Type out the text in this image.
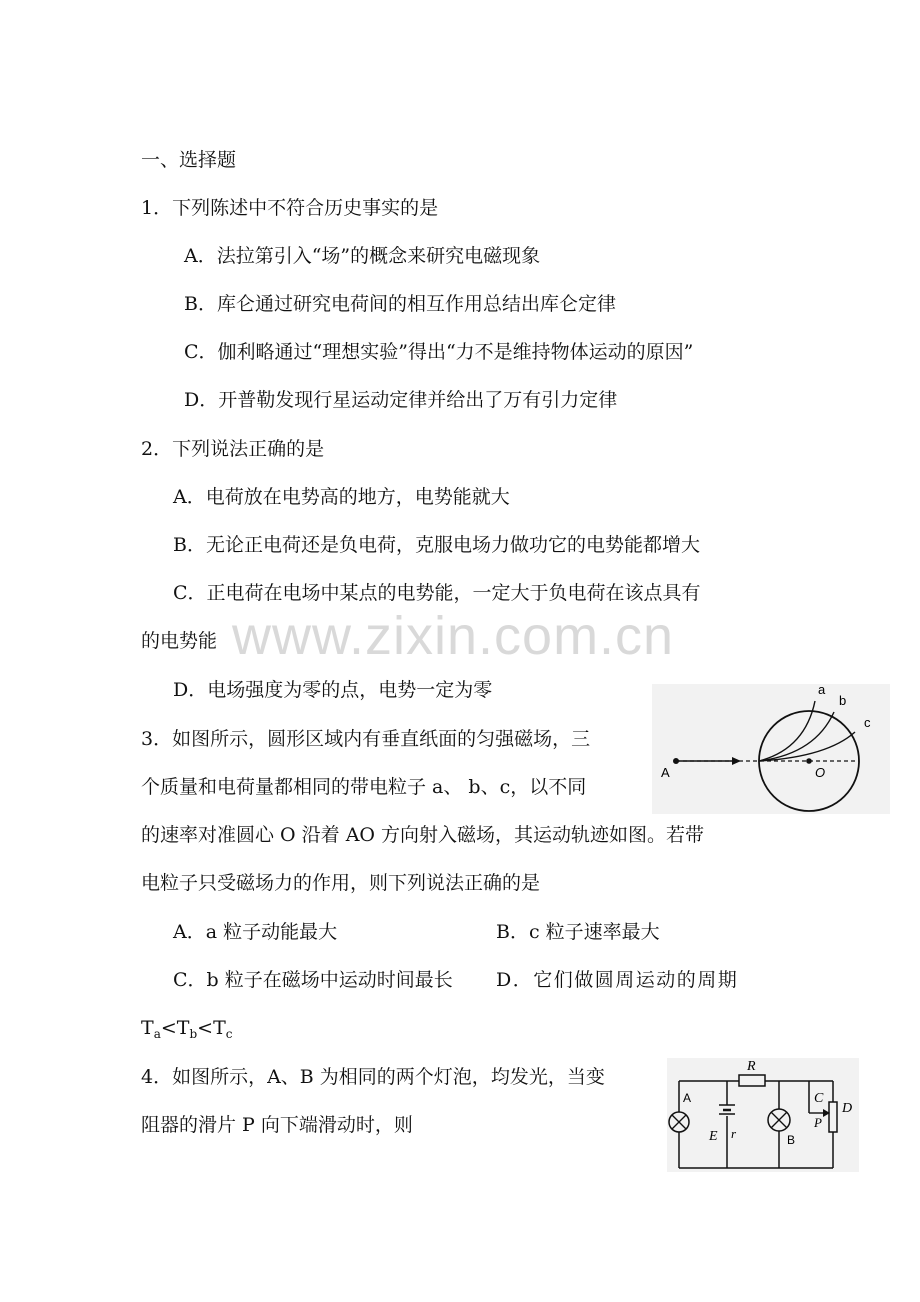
www.zixin.com.cn
一、选择题
1．下列陈述中不符合历史事实的是
A．法拉第引入“场”的概念来研究电磁现象
B．库仑通过研究电荷间的相互作用总结出库仑定律
C．伽利略通过“理想实验”得出“力不是维持物体运动的原因”
D．开普勒发现行星运动定律并给出了万有引力定律
2．下列说法正确的是
A．电荷放在电势高的地方，电势能就大
B．无论正电荷还是负电荷，克服电场力做功它的电势能都增大
C．正电荷在电场中某点的电势能，一定大于负电荷在该点具有
的电势能
D．电场强度为零的点，电势一定为零
3．如图所示，圆形区域内有垂直纸面的匀强磁场，三
个质量和电荷量都相同的带电粒子 a、 b、c，以不同
的速率对准圆心 O 沿着 AO 方向射入磁场，其运动轨迹如图。若带
电粒子只受磁场力的作用，则下列说法正确的是
A．a 粒子动能最大	B．c 粒子速率最大
C．b 粒子在磁场中运动时间最长 D．它们做圆周运动的周期
$T_a<T_b<T_c$
4．如图所示，A、B 为相同的两个灯泡，均发光，当变
阻器的滑片 P 向下端滑动时，则
a
b
c
A	O
R
A
E r	B
C
P
D
